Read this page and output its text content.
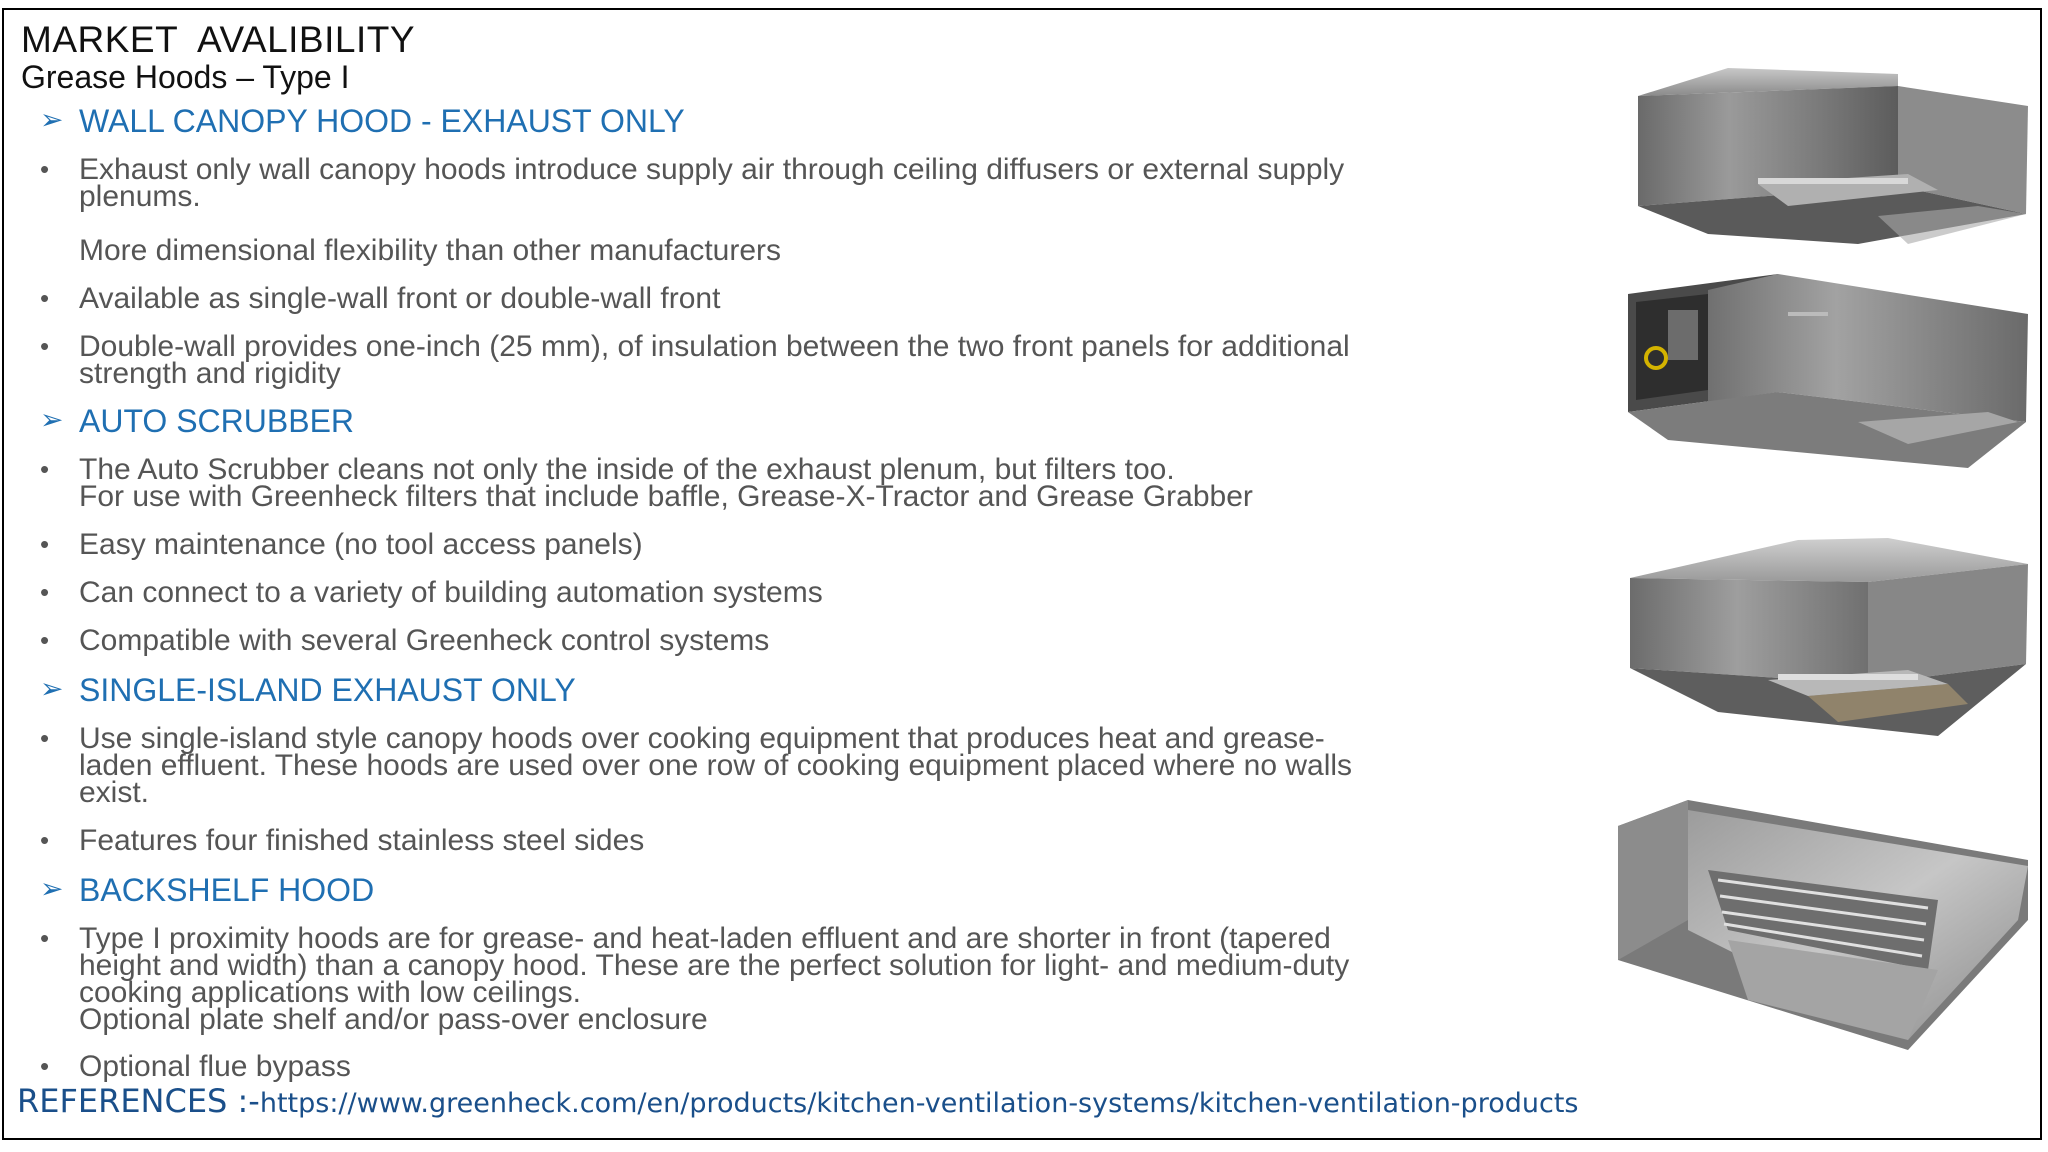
MARKET  AVALIBILITY
Grease Hoods – Type I
➢ WALL CANOPY HOOD - EXHAUST ONLY
• Exhaust only wall canopy hoods introduce supply air through ceiling diffusers or external supply
plenums.
More dimensional flexibility than other manufacturers
• Available as single-wall front or double-wall front
• Double-wall provides one-inch (25 mm), of insulation between the two front panels for additional
strength and rigidity
➢ AUTO SCRUBBER
• The Auto Scrubber cleans not only the inside of the exhaust plenum, but filters too.
For use with Greenheck filters that include baffle, Grease-X-Tractor and Grease Grabber
• Easy maintenance (no tool access panels)
• Can connect to a variety of building automation systems
• Compatible with several Greenheck control systems
➢ SINGLE-ISLAND EXHAUST ONLY
• Use single-island style canopy hoods over cooking equipment that produces heat and grease-
laden effluent. These hoods are used over one row of cooking equipment placed where no walls
exist.
• Features four finished stainless steel sides
➢ BACKSHELF HOOD
• Type I proximity hoods are for grease- and heat-laden effluent and are shorter in front (tapered
height and width) than a canopy hood. These are the perfect solution for light- and medium-duty
cooking applications with low ceilings.
Optional plate shelf and/or pass-over enclosure
• Optional flue bypass
REFERENCES :-https://www.greenheck.com/en/products/kitchen-ventilation-systems/kitchen-ventilation-products
